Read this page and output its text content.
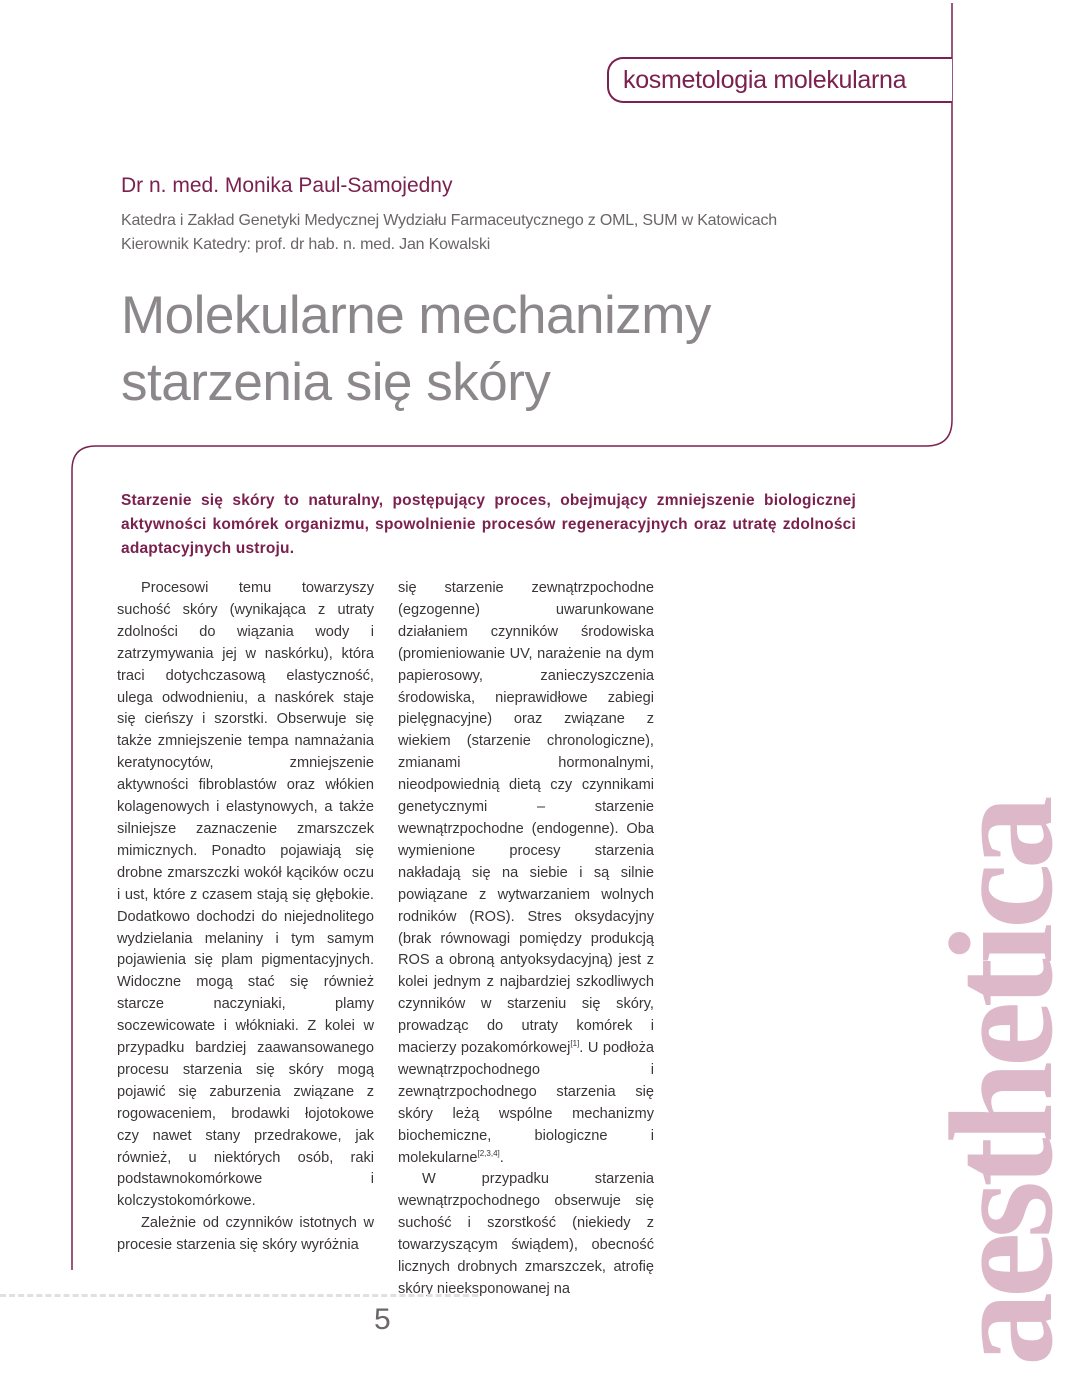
kosmetologia molekularna
Dr n. med. Monika Paul-Samojedny
Katedra i Zakład Genetyki Medycznej Wydziału Farmaceutycznego z OML, SUM w Katowicach
Kierownik Katedry: prof. dr hab. n. med. Jan Kowalski
Molekularne mechanizmy
starzenia się skóry
Starzenie się skóry to naturalny, postępujący proces, obejmujący zmniejszenie biologicznej aktywności komórek organizmu, spowolnienie procesów regeneracyjnych oraz utratę zdolności adaptacyjnych ustroju.

Procesowi temu towarzyszy suchość skóry (wynikająca z utraty zdolności do wiązania wody i zatrzymywania jej w naskórku), która traci dotychczasową elastyczność, ulega odwodnieniu, a naskórek staje się cieńszy i szorstki. Obserwuje się także zmniejszenie tempa namnażania keratynocytów, zmniejszenie aktywności fibroblastów oraz włókien kolagenowych i elastynowych, a także silniejsze zaznaczenie zmarszczek mimicznych. Ponadto pojawiają się drobne zmarszczki wokół kącików oczu i ust, które z czasem stają się głębokie. Dodatkowo dochodzi do niejednolitego wydzielania melaniny i tym samym pojawienia się plam pigmentacyjnych. Widoczne mogą stać się również starcze naczyniaki, plamy soczewicowate i włókniaki. Z kolei w przypadku bardziej zaawansowanego procesu starzenia się skóry mogą pojawić się zaburzenia związane z rogowaceniem, brodawki łojotokowe czy nawet stany przedrakowe, jak również, u niektórych osób, raki podstawnokomórkowe i kolczystokomórkowe.

Zależnie od czynników istotnych w procesie starzenia się skóry wyróżnia

się starzenie zewnątrzpochodne (egzogenne) uwarunkowane działaniem czynników środowiska (promieniowanie UV, narażenie na dym papierosowy, zanieczyszczenia środowiska, nieprawidłowe zabiegi pielęgnacyjne) oraz związane z wiekiem (starzenie chronologiczne), zmianami hormonalnymi, nieodpowiednią dietą czy czynnikami genetycznymi – starzenie wewnątrzpochodne (endogenne). Oba wymienione procesy starzenia nakładają się na siebie i są silnie powiązane z wytwarzaniem wolnych rodników (ROS). Stres oksydacyjny (brak równowagi pomiędzy produkcją ROS a obroną antyoksydacyjną) jest z kolei jednym z najbardziej szkodliwych czynników w starzeniu się skóry, prowadząc do utraty komórek i macierzy pozakomórkowej[1]. U podłoża wewnątrzpochodnego i zewnątrzpochodnego starzenia się skóry leżą wspólne mechanizmy biochemiczne, biologiczne i molekularne[2,3,4].

W przypadku starzenia wewnątrzpochodnego obserwuje się suchość i szorstkość (niekiedy z towarzyszącym świądem), obecność licznych drobnych zmarszczek, atrofię skóry nieeksponowanej na	aesthetica
5
